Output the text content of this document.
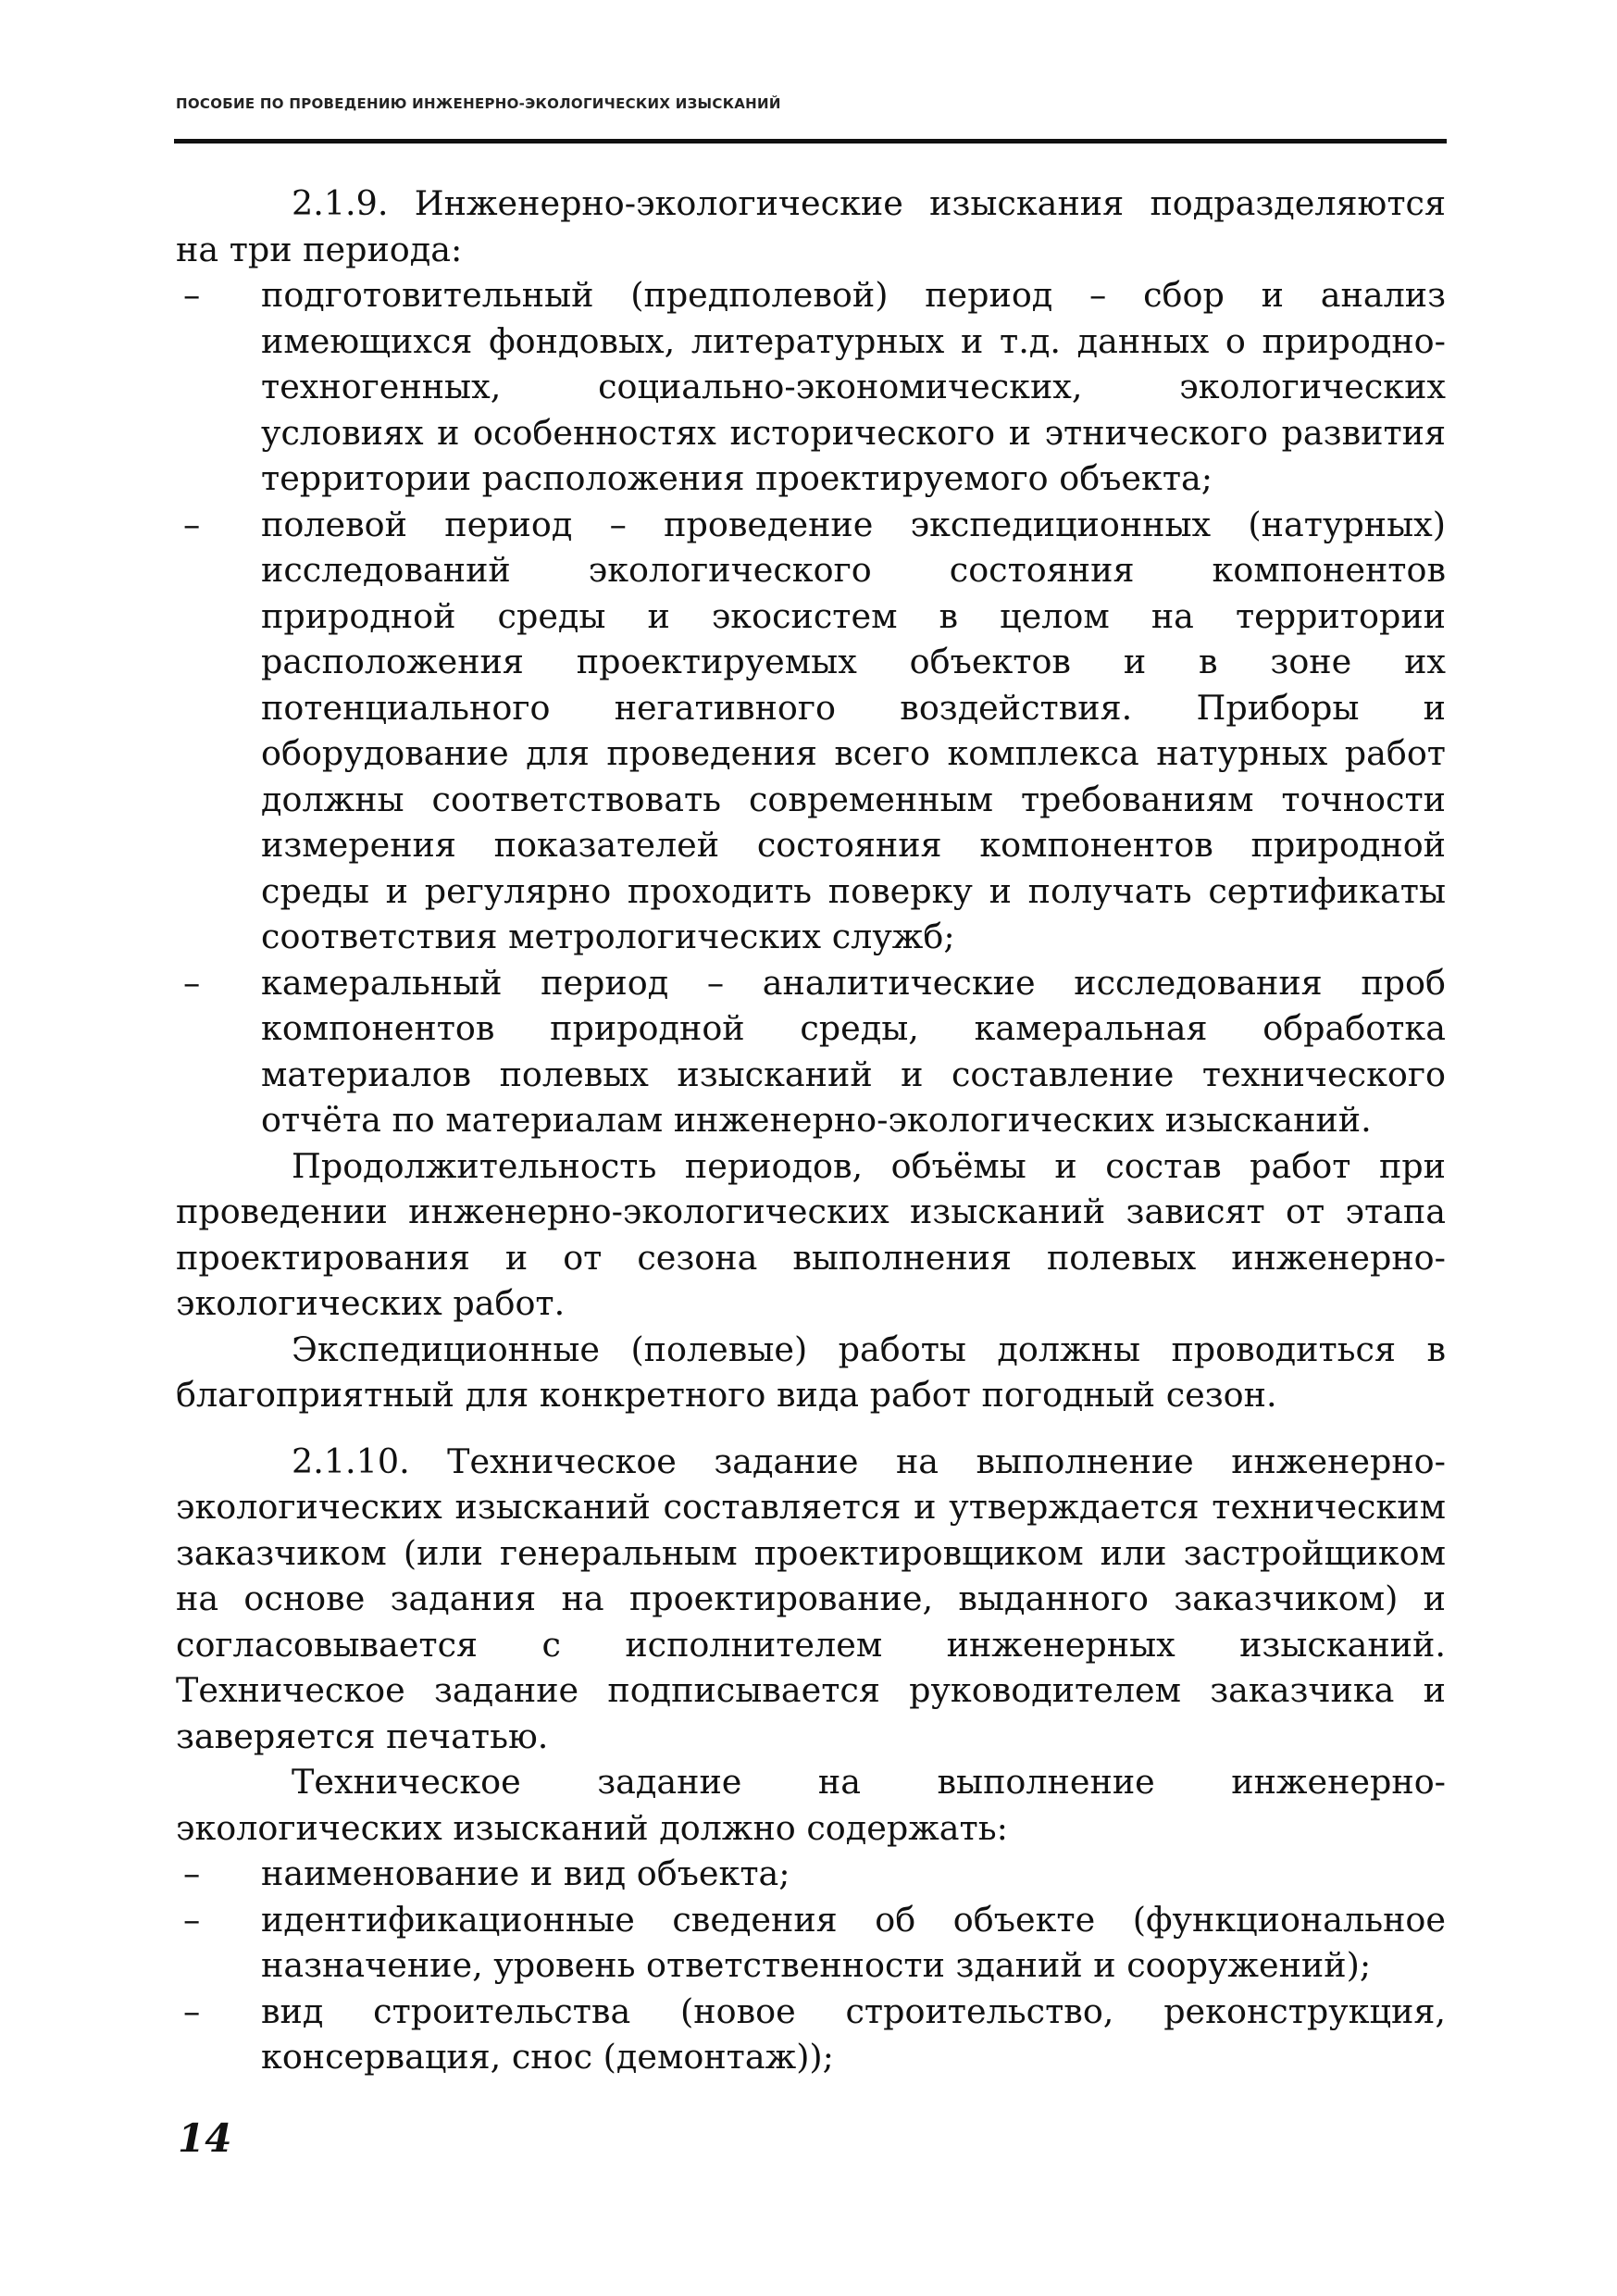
ПОСОБИЕ ПО ПРОВЕДЕНИЮ ИНЖЕНЕРНО-ЭКОЛОГИЧЕСКИХ ИЗЫСКАНИЙ

2.1.9. Инженерно-экологические изыскания подразделяются на три периода:

– подготовительный (предполевой) период – сбор и анализ имеющихся фондовых, литературных и т.д. данных о природно-техногенных, социально-экономических, экологических условиях и особенностях исторического и этнического развития территории расположения проектируемого объекта;
– полевой период – проведение экспедиционных (натурных) исследований экологического состояния компонентов природной среды и экосистем в целом на территории расположения проектируемых объектов и в зоне их потенциального негативного воздействия. Приборы и оборудование для проведения всего комплекса натурных работ должны соответствовать современным требованиям точности измерения показателей состояния компонентов природной среды и регулярно проходить поверку и получать сертификаты соответствия метрологических служб;
– камеральный период – аналитические исследования проб компонентов природной среды, камеральная обработка материалов полевых изысканий и составление технического отчёта по материалам инженерно-экологических изысканий.

Продолжительность периодов, объёмы и состав работ при проведении инженерно-экологических изысканий зависят от этапа проектирования и от сезона выполнения полевых инженерно-экологических работ.

Экспедиционные (полевые) работы должны проводиться в благоприятный для конкретного вида работ погодный сезон.

2.1.10. Техническое задание на выполнение инженерно-экологических изысканий составляется и утверждается техническим заказчиком (или генеральным проектировщиком или застройщиком на основе задания на проектирование, выданного заказчиком) и согласовывается с исполнителем инженерных изысканий. Техническое задание подписывается руководителем заказчика и заверяется печатью.

Техническое задание на выполнение инженерно-экологических изысканий должно содержать:

– наименование и вид объекта;
– идентификационные сведения об объекте (функциональное назначение, уровень ответственности зданий и сооружений);
– вид строительства (новое строительство, реконструкция, консервация, снос (демонтаж));
14
